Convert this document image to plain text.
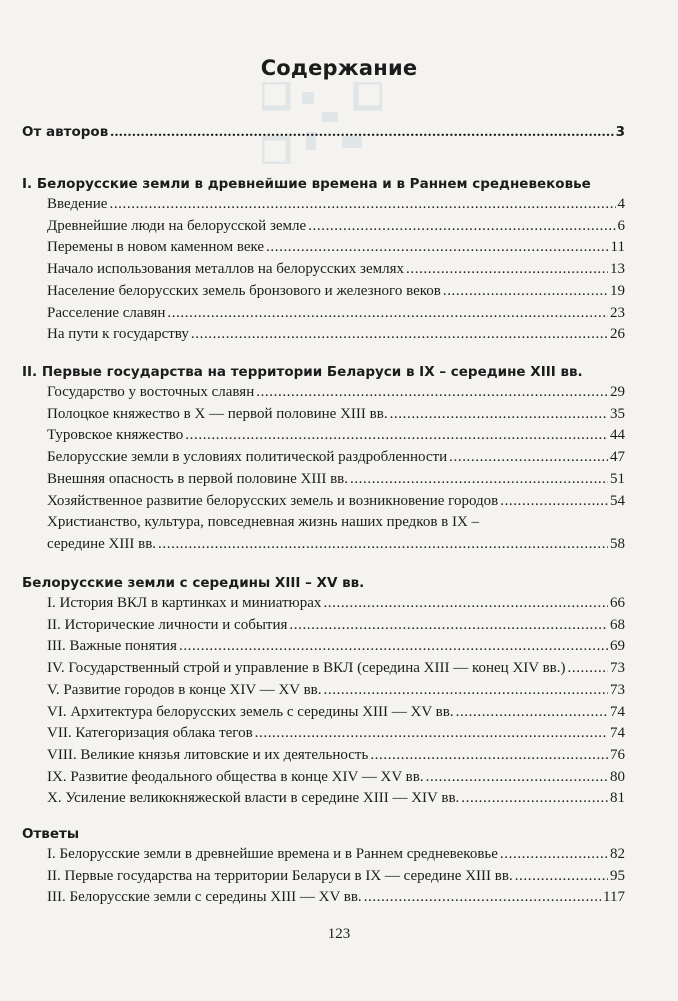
Содержание
От авторов .....	3
I. Белорусские земли в древнейшие времена и в Раннем средневековье
Введение .....	4
Древнейшие люди на белорусской земле .....	6
Перемены в новом каменном веке .....	11
Начало использования металлов на белорусских землях .....	13
Население белорусских земель бронзового и железного веков .....	19
Расселение славян .....	23
На пути к государству .....	26
II. Первые государства на территории Беларуси в IX – середине XIII вв.
Государство у восточных славян .....	29
Полоцкое княжество в X — первой половине XIII вв. .....	35
Туровское княжество .....	44
Белорусские земли в условиях политической раздробленности .....	47
Внешняя опасность в первой половине XIII вв. .....	51
Хозяйственное развитие белорусских земель и возникновение городов .....	54
Христианство, культура, повседневная жизнь наших предков в IX –
середине XIII вв. .....	58
Белорусские земли с середины XIII – XV вв.
I. История ВКЛ в картинках и миниатюрах .....	66
II. Исторические личности и события .....	68
III. Важные понятия .....	69
IV. Государственный строй и управление в ВКЛ (середина XIII — конец XIV вв.) .....	73
V. Развитие городов в конце XIV — XV вв. .....	73
VI. Архитектура белорусских земель с середины XIII — XV вв. .....	74
VII. Категоризация облака тегов .....	74
VIII. Великие князья литовские и их деятельность .....	76
IX. Развитие феодального общества в конце XIV — XV вв. .....	80
X. Усиление великокняжеской власти в середине XIII — XIV вв. .....	81
Ответы
I. Белорусские земли в древнейшие времена и в Раннем средневековье .....	82
II. Первые государства на территории Беларуси в IX — середине XIII вв. .....	95
III. Белорусские земли с середины XIII — XV вв. .....	117
123
